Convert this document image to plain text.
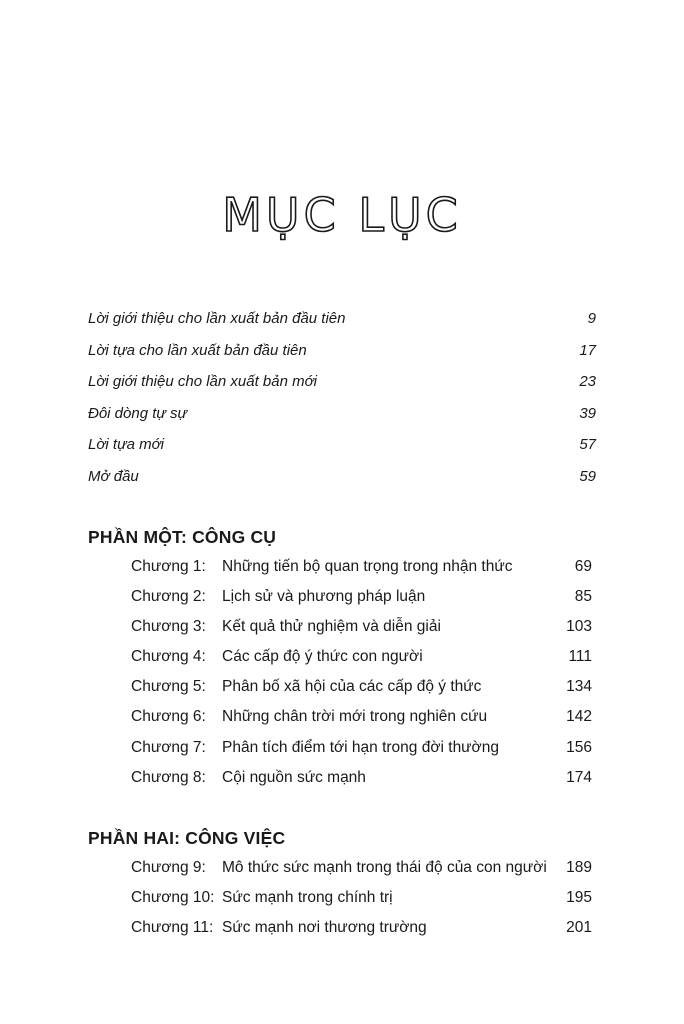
MỤC LỤC
Lời giới thiệu cho lần xuất bản đầu tiên	9
Lời tựa cho lần xuất bản đầu tiên	17
Lời giới thiệu cho lần xuất bản mới	23
Đôi dòng tự sự	39
Lời tựa mới	57
Mở đầu	59
PHẦN MỘT: CÔNG CỤ
Chương 1:	Những tiến bộ quan trọng trong nhận thức	69
Chương 2:	Lịch sử và phương pháp luận	85
Chương 3:	Kết quả thử nghiệm và diễn giải	103
Chương 4:	Các cấp độ ý thức con người	111
Chương 5:	Phân bố xã hội của các cấp độ ý thức	134
Chương 6:	Những chân trời mới trong nghiên cứu	142
Chương 7:	Phân tích điểm tới hạn trong đời thường	156
Chương 8:	Cội nguồn sức mạnh	174
PHẦN HAI: CÔNG VIỆC
Chương 9:	Mô thức sức mạnh trong thái độ của con người	189
Chương 10: Sức mạnh trong chính trị	195
Chương 11: Sức mạnh nơi thương trường	201
